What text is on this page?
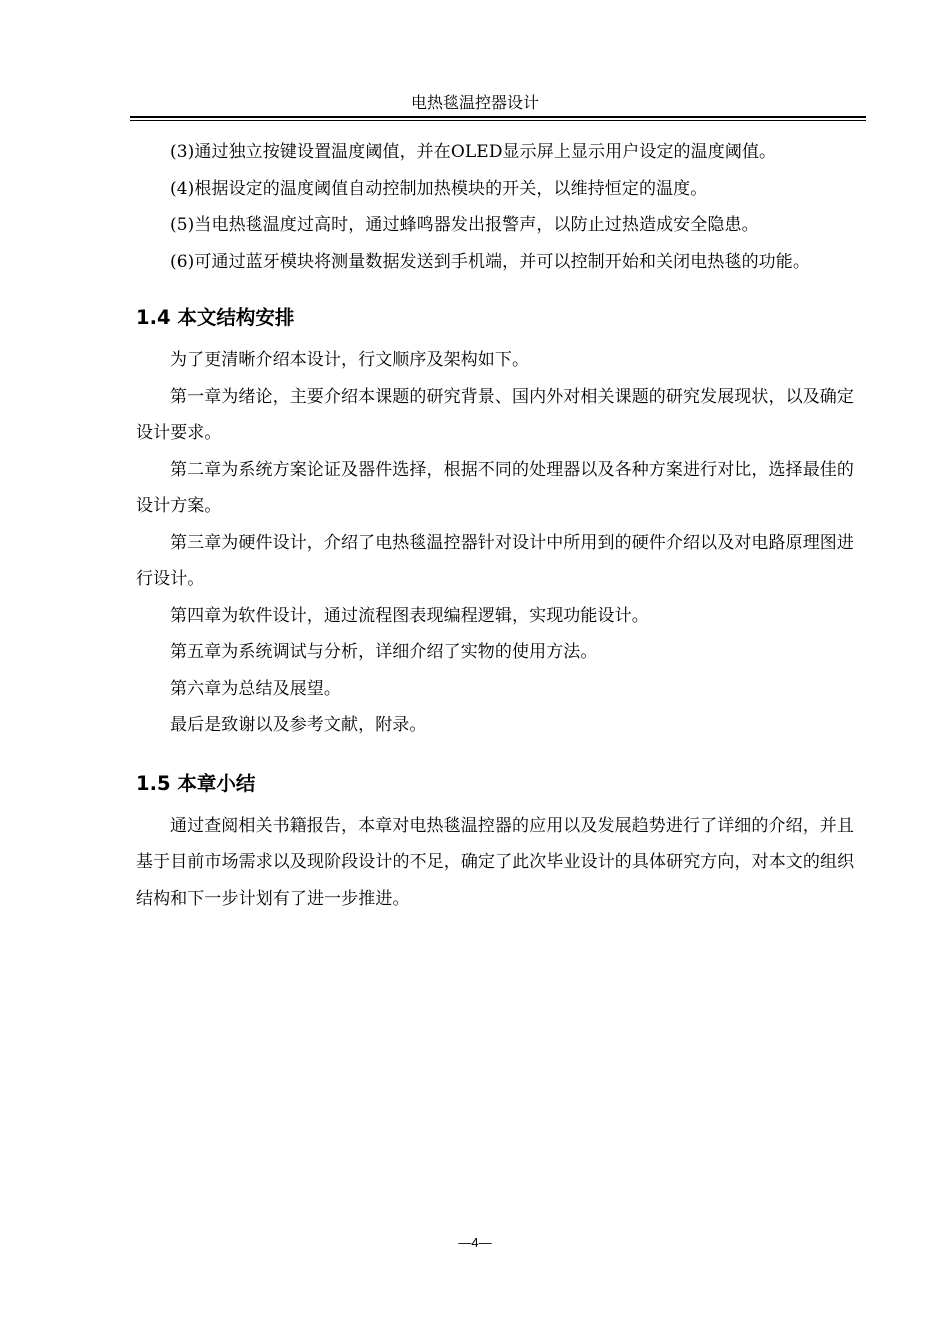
电热毯温控器设计

(3)通过独立按键设置温度阈值，并在OLED显示屏上显示用户设定的温度阈值。

(4)根据设定的温度阈值自动控制加热模块的开关，以维持恒定的温度。

(5)当电热毯温度过高时，通过蜂鸣器发出报警声，以防止过热造成安全隐患。

(6)可通过蓝牙模块将测量数据发送到手机端，并可以控制开始和关闭电热毯的功能。

1.4 本文结构安排

为了更清晰介绍本设计，行文顺序及架构如下。

第一章为绪论，主要介绍本课题的研究背景、国内外对相关课题的研究发展现状，以及确定设计要求。

第二章为系统方案论证及器件选择，根据不同的处理器以及各种方案进行对比，选择最佳的设计方案。

第三章为硬件设计，介绍了电热毯温控器针对设计中所用到的硬件介绍以及对电路原理图进行设计。

第四章为软件设计，通过流程图表现编程逻辑，实现功能设计。

第五章为系统调试与分析，详细介绍了实物的使用方法。

第六章为总结及展望。

最后是致谢以及参考文献，附录。

1.5 本章小结

通过查阅相关书籍报告，本章对电热毯温控器的应用以及发展趋势进行了详细的介绍，并且基于目前市场需求以及现阶段设计的不足，确定了此次毕业设计的具体研究方向，对本文的组织结构和下一步计划有了进一步推进。

—4—
